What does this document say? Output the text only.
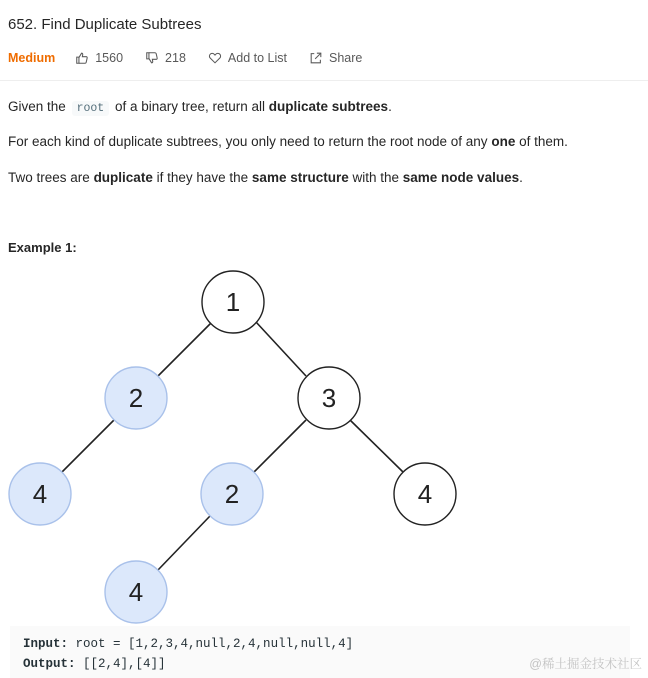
652. Find Duplicate Subtrees
Medium	1560	218	Add to List	Share
Given the root of a binary tree, return all duplicate subtrees.
For each kind of duplicate subtrees, you only need to return the root node of any one of them.
Two trees are duplicate if they have the same structure with the same node values.
Example 1:
1
2	3
4	2	4
4
Input: root = [1,2,3,4,null,2,4,null,null,4]
Output: [[2,4],[4]]	@稀土掘金技术社区
